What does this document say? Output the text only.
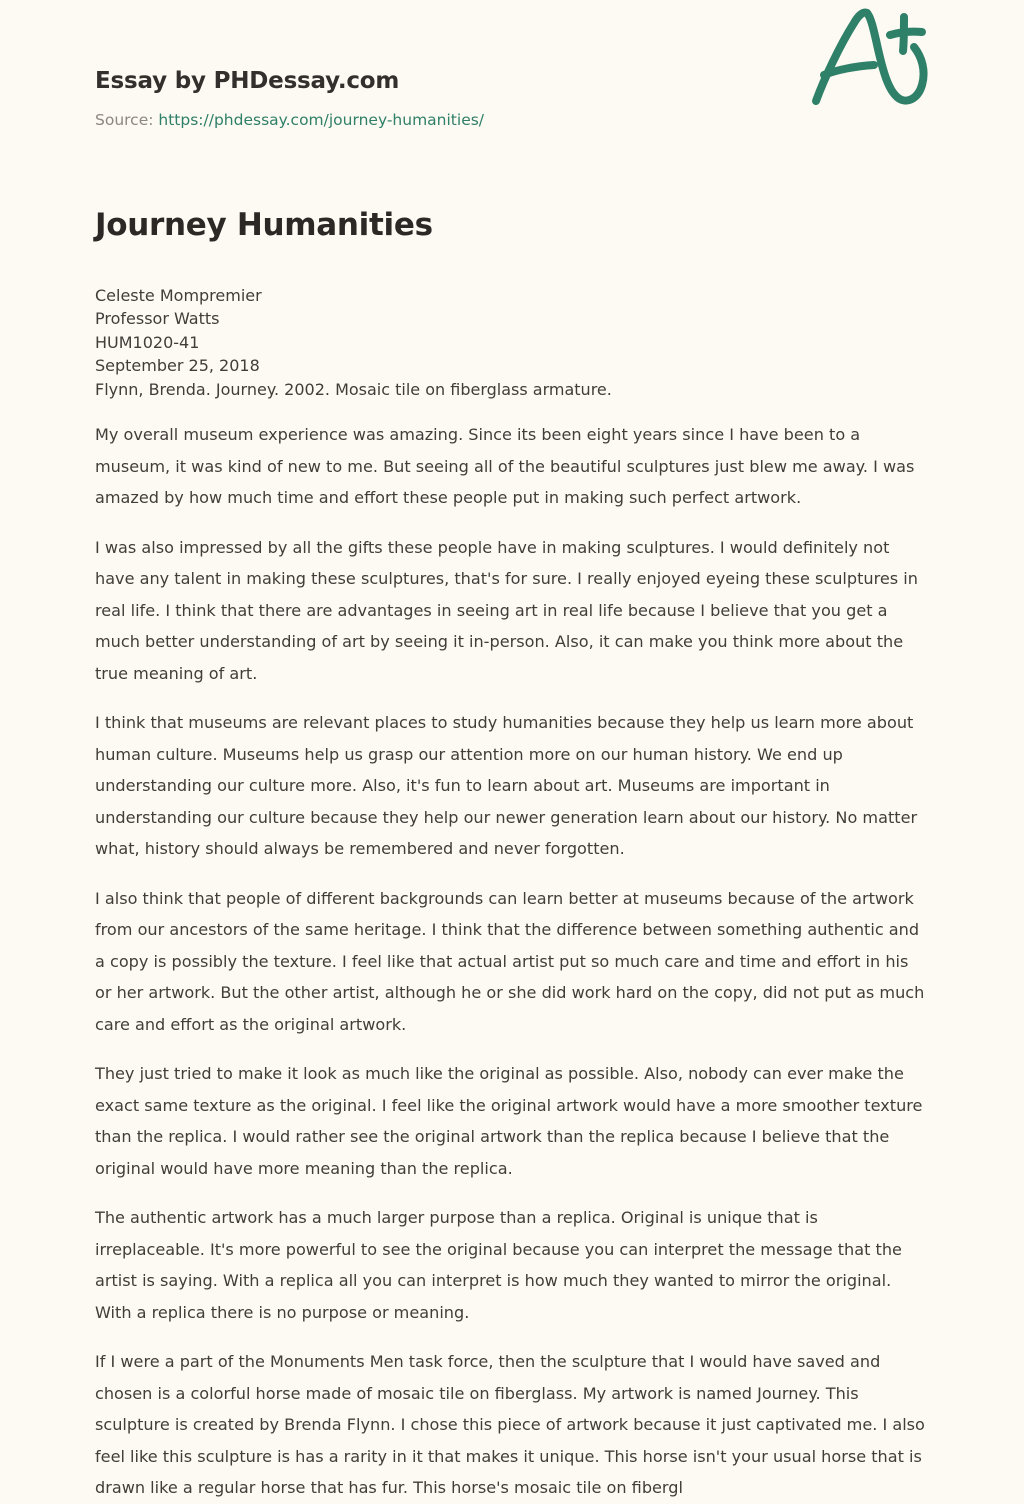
Essay by PHDessay.com
Source: https://phdessay.com/journey-humanities/
Journey Humanities
Celeste Mompremier
Professor Watts
HUM1020-41
September 25, 2018
Flynn, Brenda. Journey. 2002. Mosaic tile on fiberglass armature.

My overall museum experience was amazing. Since its been eight years since I have been to a museum, it was kind of new to me. But seeing all of the beautiful sculptures just blew me away. I was amazed by how much time and effort these people put in making such perfect artwork.

I was also impressed by all the gifts these people have in making sculptures. I would definitely not have any talent in making these sculptures, that's for sure. I really enjoyed eyeing these sculptures in real life. I think that there are advantages in seeing art in real life because I believe that you get a much better understanding of art by seeing it in-person. Also, it can make you think more about the true meaning of art.

I think that museums are relevant places to study humanities because they help us learn more about human culture. Museums help us grasp our attention more on our human history. We end up understanding our culture more. Also, it's fun to learn about art. Museums are important in understanding our culture because they help our newer generation learn about our history. No matter what, history should always be remembered and never forgotten.

I also think that people of different backgrounds can learn better at museums because of the artwork from our ancestors of the same heritage. I think that the difference between something authentic and a copy is possibly the texture. I feel like that actual artist put so much care and time and effort in his or her artwork. But the other artist, although he or she did work hard on the copy, did not put as much care and effort as the original artwork.

They just tried to make it look as much like the original as possible. Also, nobody can ever make the exact same texture as the original. I feel like the original artwork would have a more smoother texture than the replica. I would rather see the original artwork than the replica because I believe that the original would have more meaning than the replica.

The authentic artwork has a much larger purpose than a replica. Original is unique that is irreplaceable. It's more powerful to see the original because you can interpret the message that the artist is saying. With a replica all you can interpret is how much they wanted to mirror the original. With a replica there is no purpose or meaning.

If I were a part of the Monuments Men task force, then the sculpture that I would have saved and chosen is a colorful horse made of mosaic tile on fiberglass. My artwork is named Journey. This sculpture is created by Brenda Flynn. I chose this piece of artwork because it just captivated me. I also feel like this sculpture is has a rarity in it that makes it unique. This horse isn't your usual horse that is drawn like a regular horse that has fur. This horse's mosaic tile on fibergl
